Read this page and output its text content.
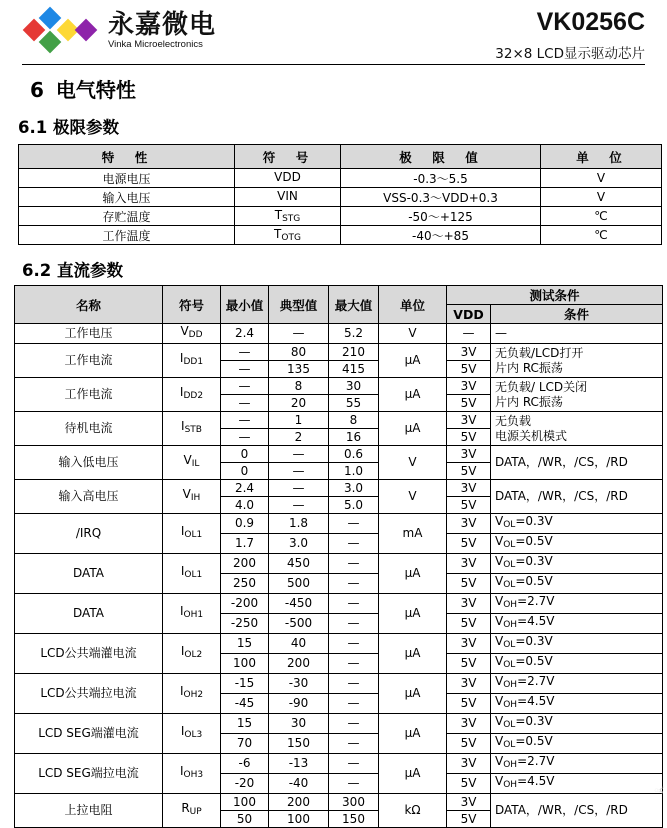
永嘉微电
Vinka Microelectronics
VK0256C
32×8 LCD显示驱动芯片
6 电气特性
6.1 极限参数
特　性	符　号	极　限　值	单　位
电源电压	VDD	-0.3～5.5	V
输入电压	VIN	VSS-0.3～VDD+0.3	V
存贮温度	$T_{STG}$	-50～+125	℃
工作温度	$T_{OTG}$	-40～+85	℃
6.2 直流参数
名称	符号	最小值	典型值	最大值	单位	测试条件	
						VDD	条件
工作电压	$V_{DD}$	2.4	—	5.2	V	—	—

工作电流	$I_{DD1}$	—	80	210	μA	3V	无负载/LCD打开
片内 RC振荡

		—	135	415		5V	
工作电流	$I_{DD2}$	—	8	30	μA	3V	无负载/ LCD关闭
片内 RC振荡

		—	20	55		5V	
待机电流	$I_{STB}$	—	1	8	μA	3V	无负载
电源关机模式

		—	2	16		5V	
输入低电压	$V_{IL}$	0	—	0.6	V	3V	DATA，/WR，/CS，/RD

		0	—	1.0		5V	
输入高电压	$V_{IH}$	2.4	—	3.0	V	3V	DATA，/WR，/CS，/RD

		4.0	—	5.0		5V	
/IRQ	$I_{OL1}$	0.9	1.8	—	mA	3V	$V_{OL}=0.3V$
		1.7	3.0	—		5V	$V_{OL}=0.5V$
DATA	$I_{OL1}$	200	450	—	μA	3V	$V_{OL}=0.3V$
		250	500	—		5V	$V_{OL}=0.5V$
DATA	$I_{OH1}$	-200	-450	—	μA	3V	$V_{OH}=2.7V$
		-250	-500	—		5V	$V_{OH}=4.5V$
LCD公共端灌电流	$I_{OL2}$	15	40	—	μA	3V	$V_{OL}=0.3V$
		100	200	—		5V	$V_{OL}=0.5V$
LCD公共端拉电流	$I_{OH2}$	-15	-30	—	μA	3V	$V_{OH}=2.7V$
		-45	-90	—		5V	$V_{OH}=4.5V$
LCD SEG端灌电流	$I_{OL3}$	15	30	—	μA	3V	$V_{OL}=0.3V$
		70	150	—		5V	$V_{OL}=0.5V$
LCD SEG端拉电流	$I_{OH3}$	-6	-13	—	μA	3V	$V_{OH}=2.7V$
		-20	-40	—		5V	$V_{OH}=4.5V$
上拉电阻	$R_{UP}$	100	200	300	kΩ	3V	DATA，/WR，/CS，/RD

		50	100	150		5V	
ꥒꞔ꙼
